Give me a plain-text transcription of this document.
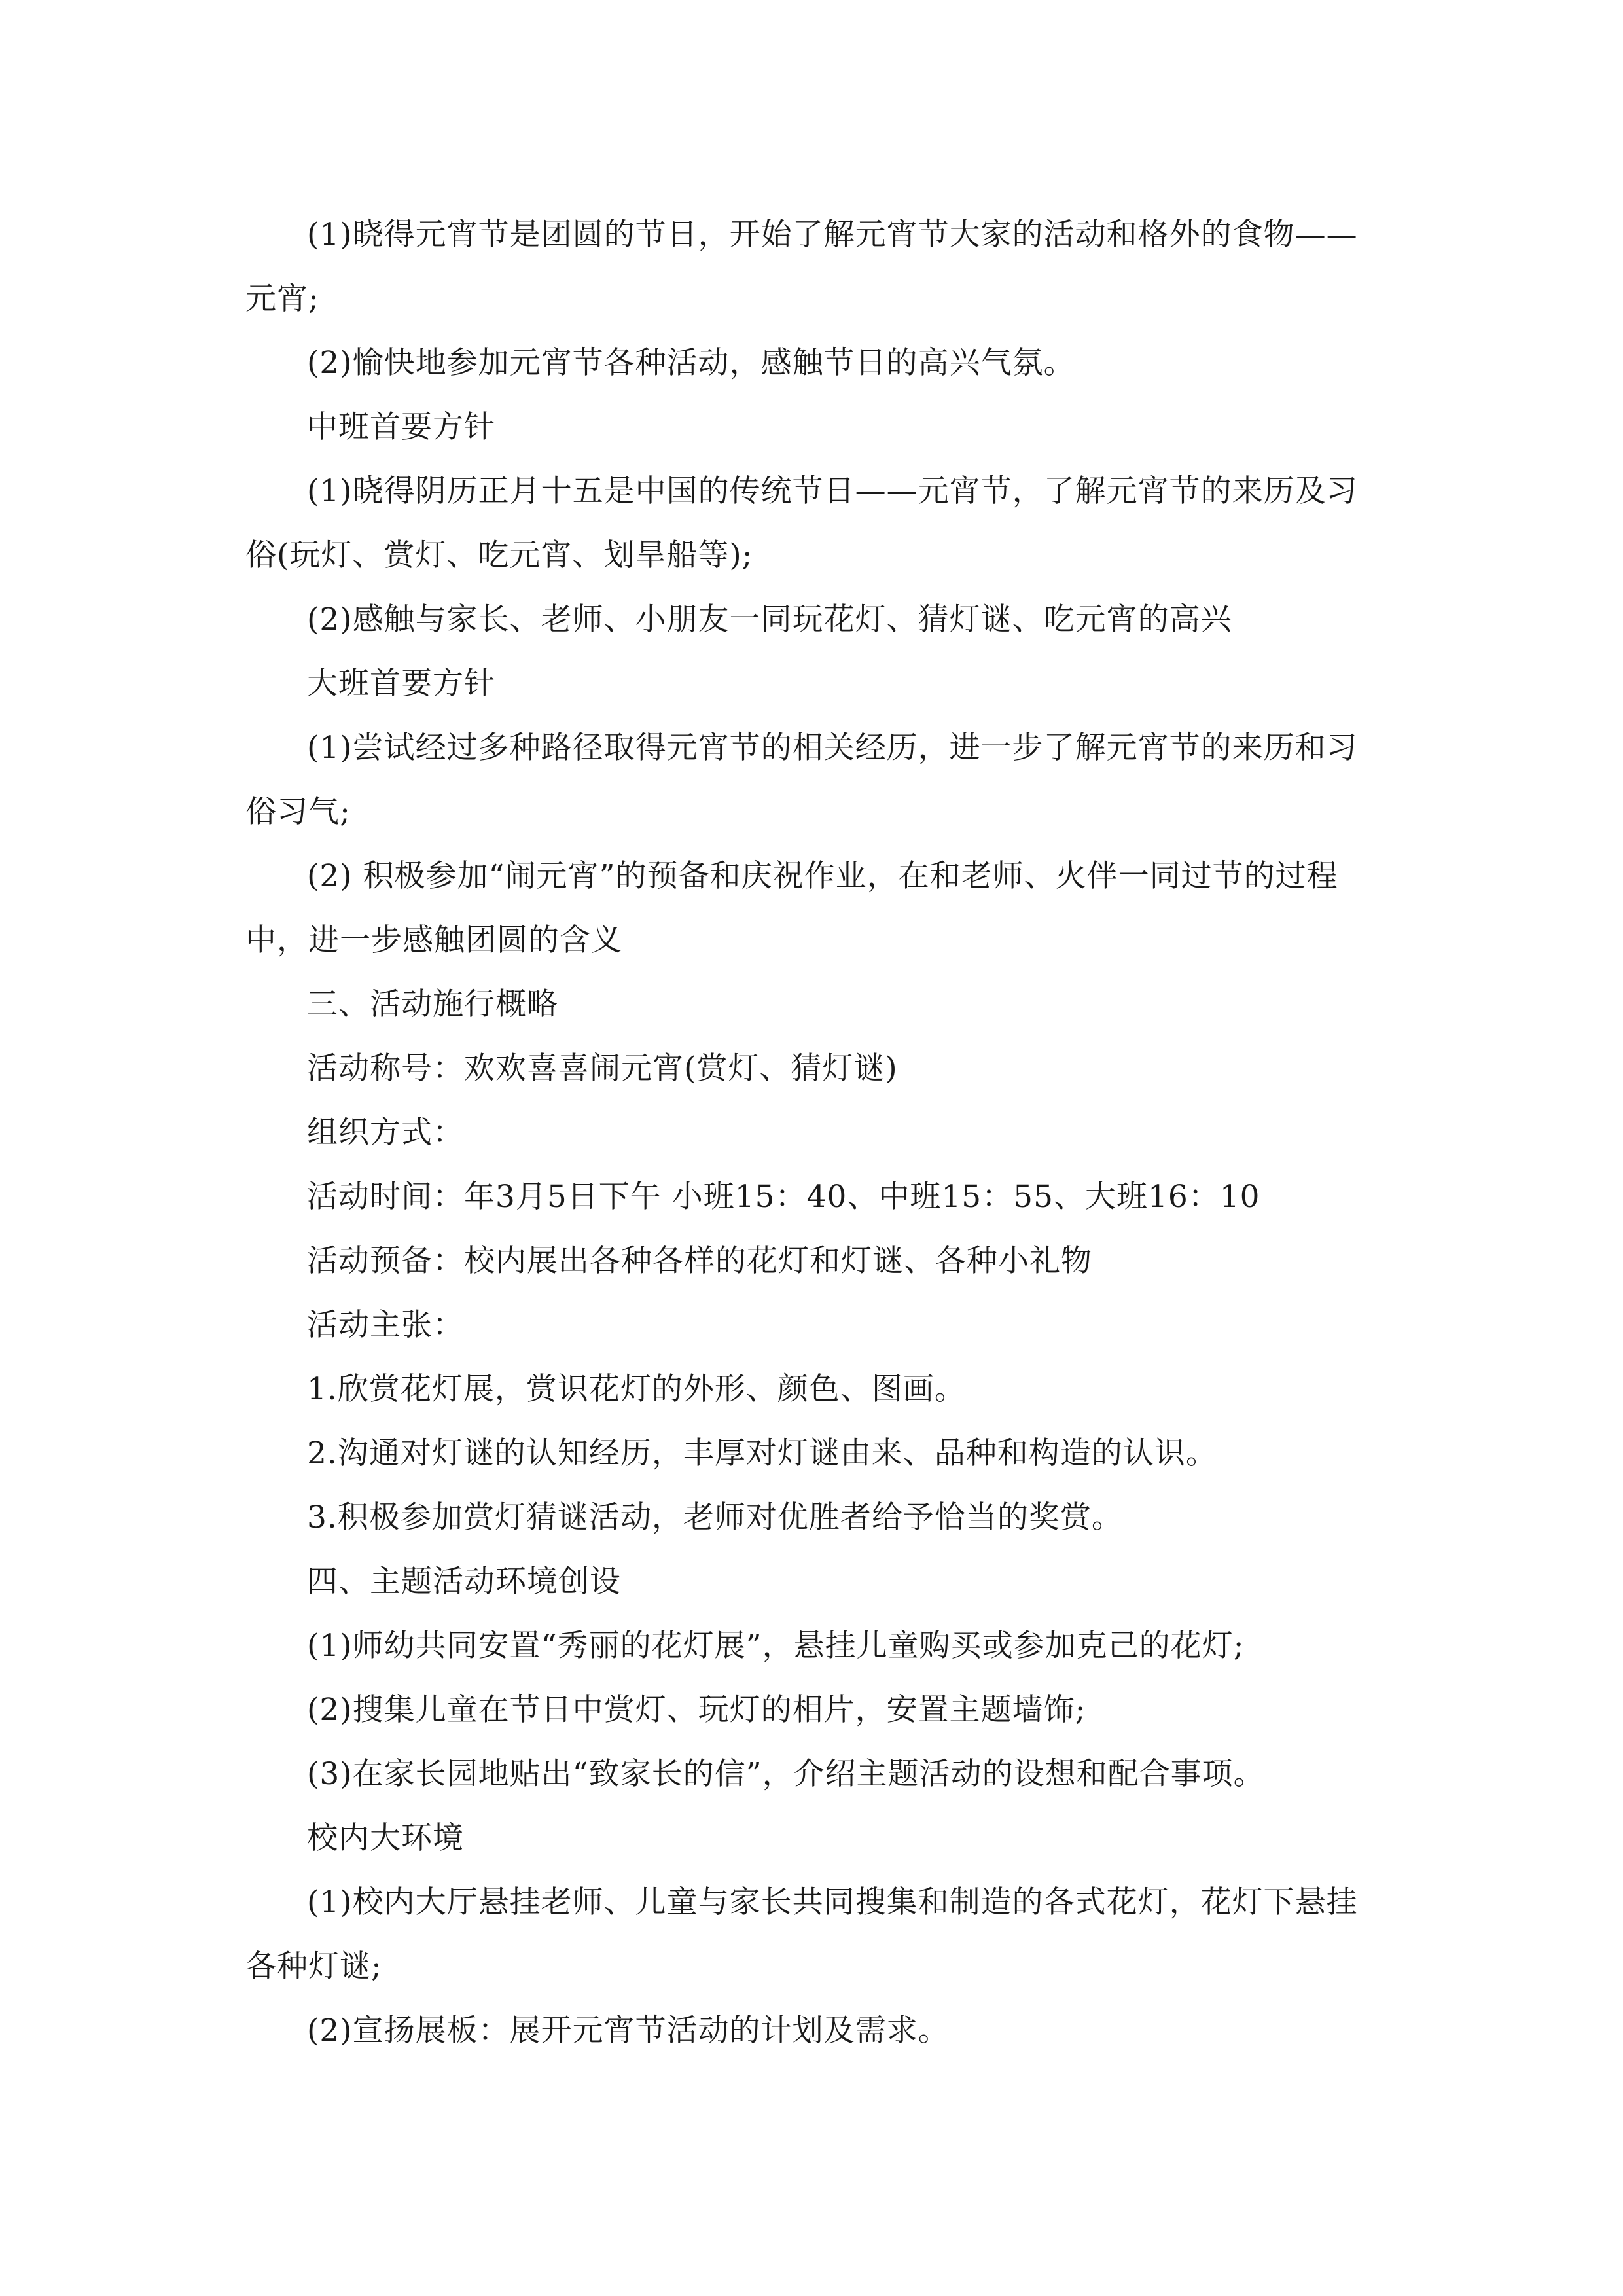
(1)晓得元宵节是团圆的节日，开始了解元宵节大家的活动和格外的食物——元宵;

(2)愉快地参加元宵节各种活动，感触节日的高兴气氛。

中班首要方针

(1)晓得阴历正月十五是中国的传统节日——元宵节，了解元宵节的来历及习俗(玩灯、赏灯、吃元宵、划旱船等);

(2)感触与家长、老师、小朋友一同玩花灯、猜灯谜、吃元宵的高兴

大班首要方针

(1)尝试经过多种路径取得元宵节的相关经历，进一步了解元宵节的来历和习俗习气;

(2) 积极参加“闹元宵”的预备和庆祝作业，在和老师、火伴一同过节的过程中，进一步感触团圆的含义

三、活动施行概略

活动称号：欢欢喜喜闹元宵(赏灯、猜灯谜)

组织方式：

活动时间：年3月5日下午 小班15：40、中班15：55、大班16：10

活动预备：校内展出各种各样的花灯和灯谜、各种小礼物

活动主张：

1.欣赏花灯展，赏识花灯的外形、颜色、图画。

2.沟通对灯谜的认知经历，丰厚对灯谜由来、品种和构造的认识。

3.积极参加赏灯猜谜活动，老师对优胜者给予恰当的奖赏。

四、主题活动环境创设

(1)师幼共同安置“秀丽的花灯展”，悬挂儿童购买或参加克己的花灯;

(2)搜集儿童在节日中赏灯、玩灯的相片，安置主题墙饰;

(3)在家长园地贴出“致家长的信”，介绍主题活动的设想和配合事项。

校内大环境

(1)校内大厅悬挂老师、儿童与家长共同搜集和制造的各式花灯，花灯下悬挂各种灯谜;

(2)宣扬展板：展开元宵节活动的计划及需求。
